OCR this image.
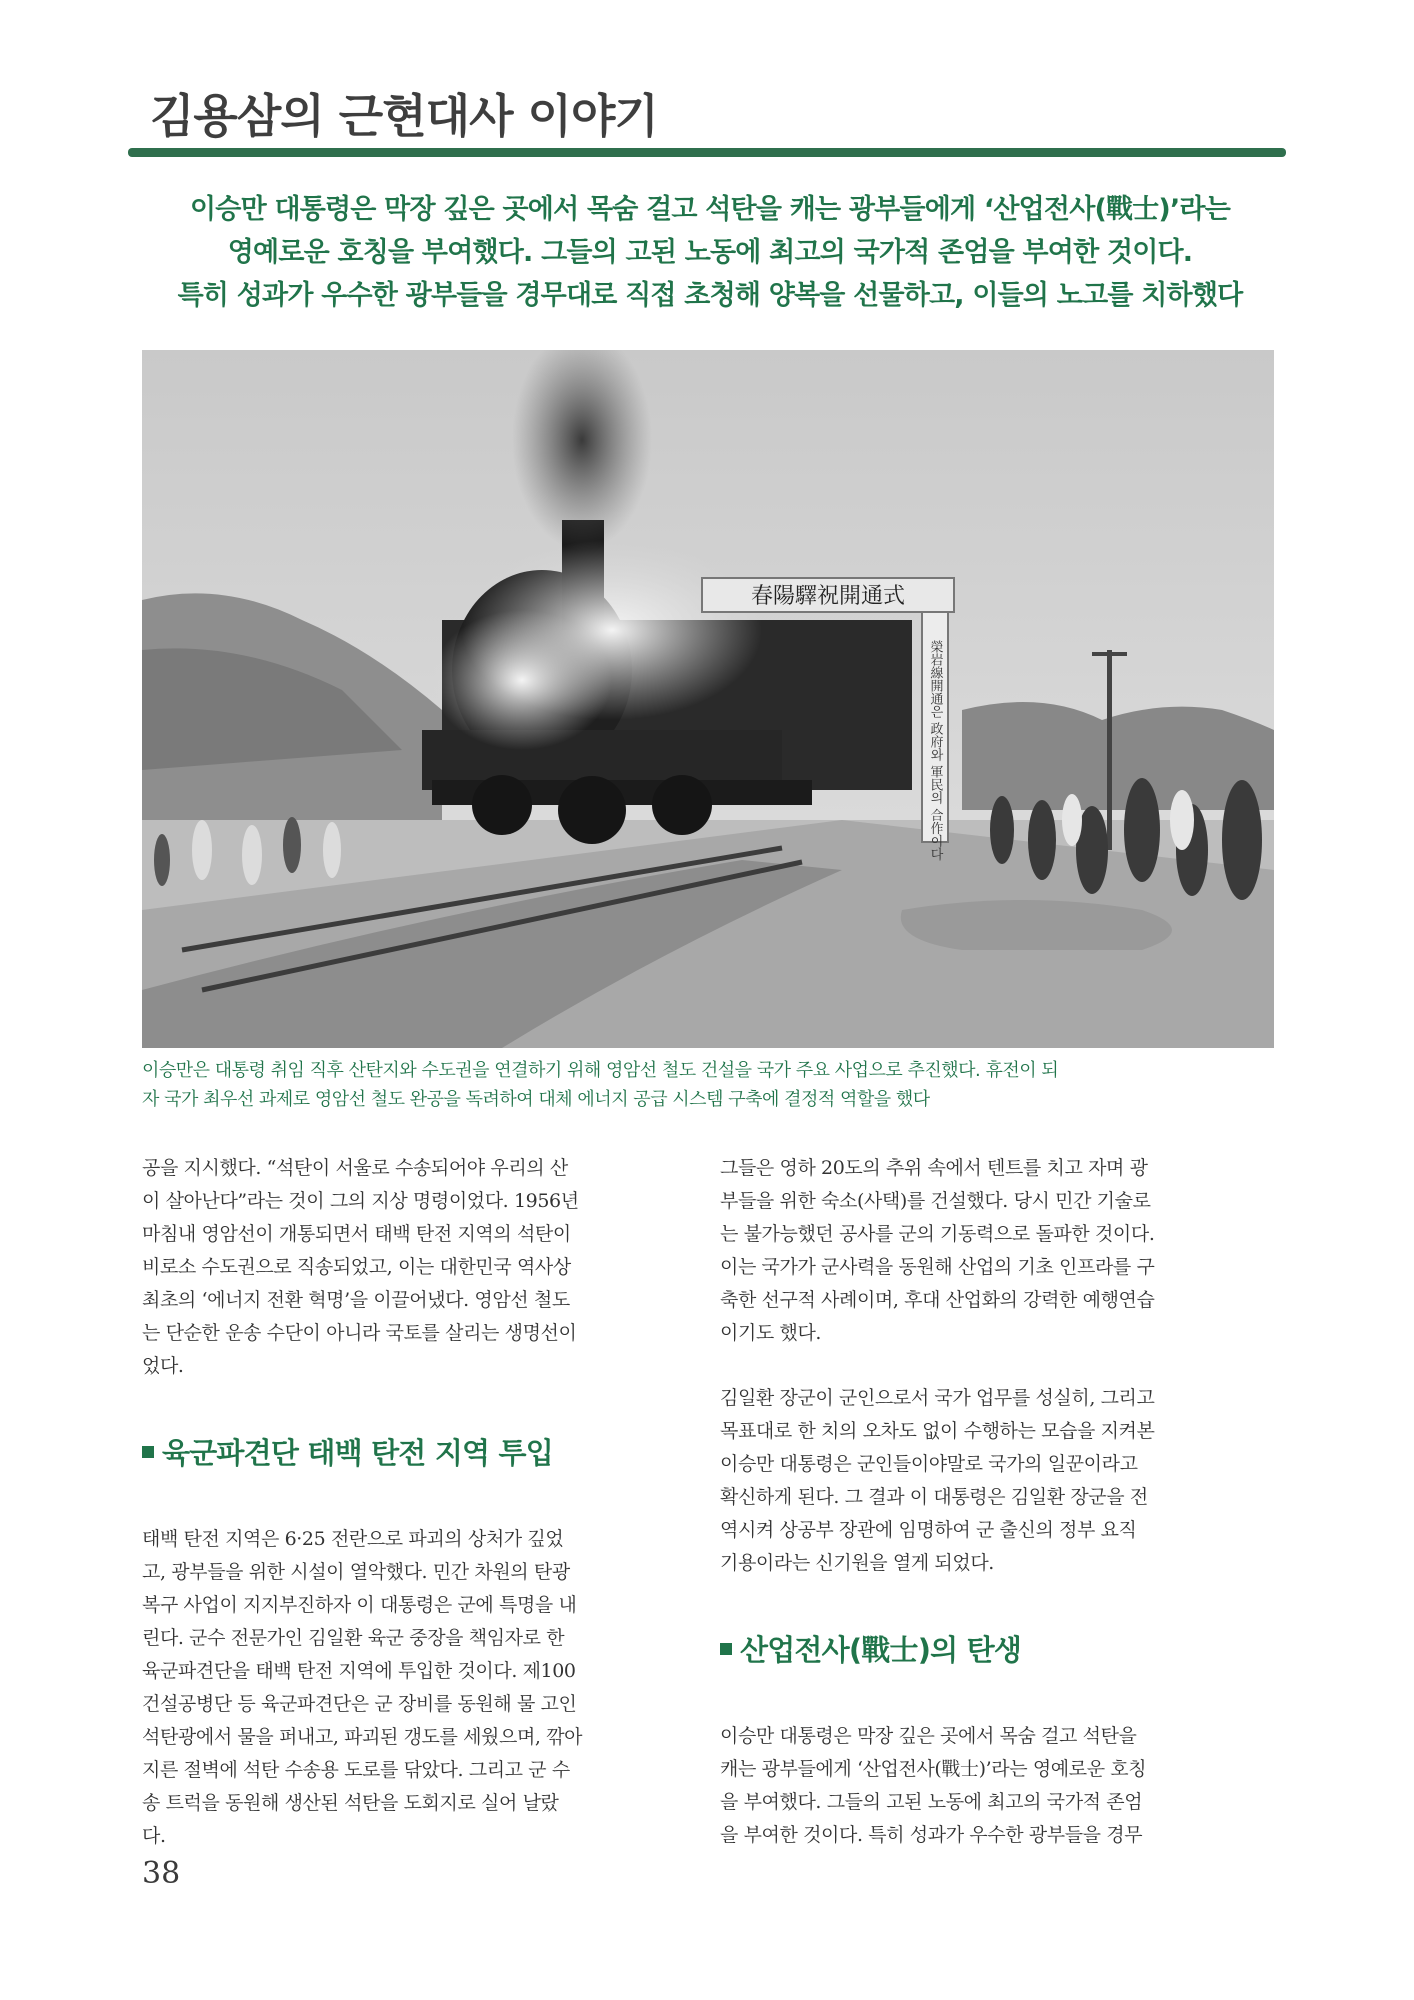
김용삼의 근현대사 이야기
이승만 대통령은 막장 깊은 곳에서 목숨 걸고 석탄을 캐는 광부들에게 ‘산업전사(戰士)’라는
영예로운 호칭을 부여했다. 그들의 고된 노동에 최고의 국가적 존엄을 부여한 것이다.
특히 성과가 우수한 광부들을 경무대로 직접 초청해 양복을 선물하고, 이들의 노고를 치하했다
春陽驛祝開通式
榮岩線開通은 政府와 軍民의 合作이다
이승만은 대통령 취임 직후 산탄지와 수도권을 연결하기 위해 영암선 철도 건설을 국가 주요 사업으로 추진했다. 휴전이 되
자 국가 최우선 과제로 영암선 철도 완공을 독려하여 대체 에너지 공급 시스템 구축에 결정적 역할을 했다
공을 지시했다. “석탄이 서울로 수송되어야 우리의 산
이 살아난다”라는 것이 그의 지상 명령이었다. 1956년
마침내 영암선이 개통되면서 태백 탄전 지역의 석탄이
비로소 수도권으로 직송되었고, 이는 대한민국 역사상
최초의 ‘에너지 전환 혁명’을 이끌어냈다. 영암선 철도
는 단순한 운송 수단이 아니라 국토를 살리는 생명선이
었다.
육군파견단 태백 탄전 지역 투입
태백 탄전 지역은 6·25 전란으로 파괴의 상처가 깊었
고, 광부들을 위한 시설이 열악했다. 민간 차원의 탄광
복구 사업이 지지부진하자 이 대통령은 군에 특명을 내
린다. 군수 전문가인 김일환 육군 중장을 책임자로 한
육군파견단을 태백 탄전 지역에 투입한 것이다. 제100
건설공병단 등 육군파견단은 군 장비를 동원해 물 고인
석탄광에서 물을 퍼내고, 파괴된 갱도를 세웠으며, 깎아
지른 절벽에 석탄 수송용 도로를 닦았다. 그리고 군 수
송 트럭을 동원해 생산된 석탄을 도회지로 실어 날랐
다.
그들은 영하 20도의 추위 속에서 텐트를 치고 자며 광
부들을 위한 숙소(사택)를 건설했다. 당시 민간 기술로
는 불가능했던 공사를 군의 기동력으로 돌파한 것이다.
이는 국가가 군사력을 동원해 산업의 기초 인프라를 구
축한 선구적 사례이며, 후대 산업화의 강력한 예행연습
이기도 했다.
김일환 장군이 군인으로서 국가 업무를 성실히, 그리고
목표대로 한 치의 오차도 없이 수행하는 모습을 지켜본
이승만 대통령은 군인들이야말로 국가의 일꾼이라고
확신하게 된다. 그 결과 이 대통령은 김일환 장군을 전
역시켜 상공부 장관에 임명하여 군 출신의 정부 요직
기용이라는 신기원을 열게 되었다.
산업전사(戰士)의 탄생
이승만 대통령은 막장 깊은 곳에서 목숨 걸고 석탄을
캐는 광부들에게 ‘산업전사(戰士)’라는 영예로운 호칭
을 부여했다. 그들의 고된 노동에 최고의 국가적 존엄
을 부여한 것이다. 특히 성과가 우수한 광부들을 경무
38
